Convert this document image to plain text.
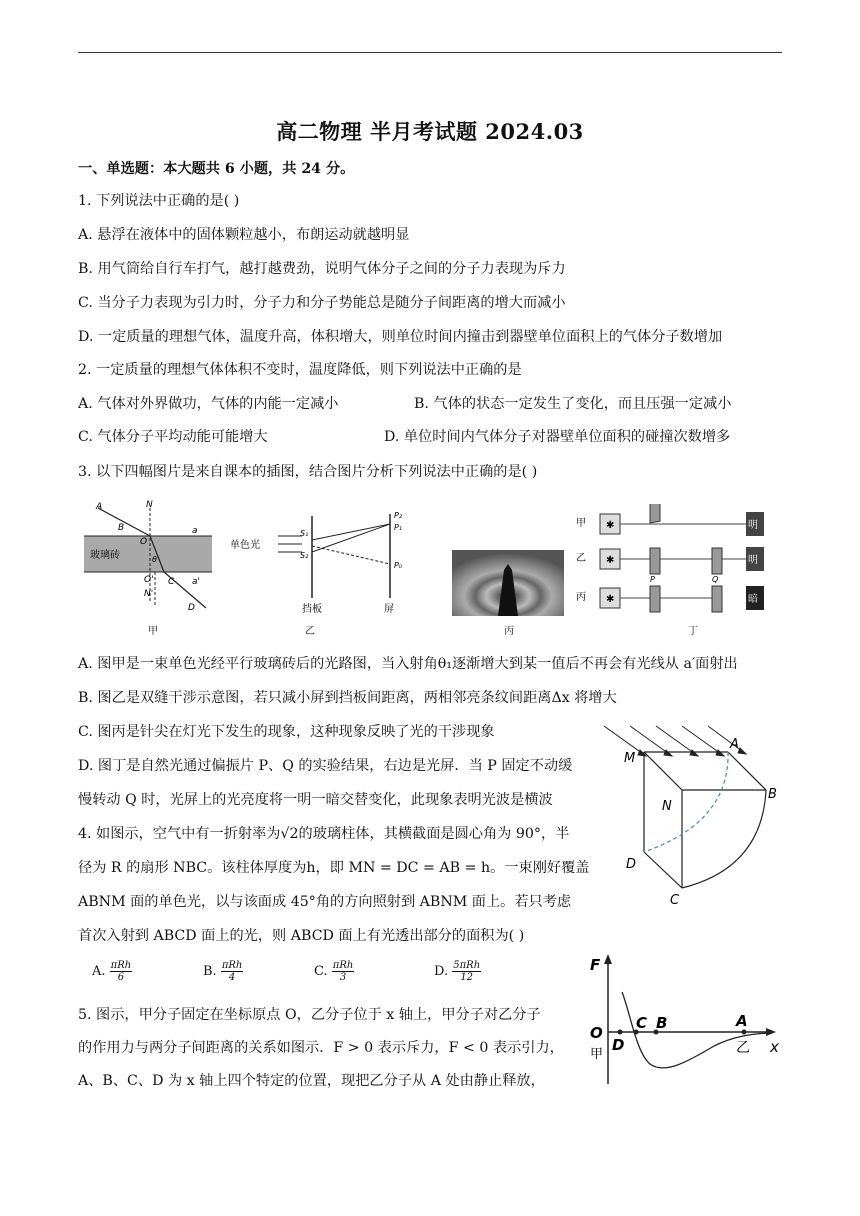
高二物理 半月考试题 2024.03
一、单选题：本大题共 6 小题，共 24 分。
1. 下列说法中正确的是( )
A. 悬浮在液体中的固体颗粒越小，布朗运动就越明显
B. 用气筒给自行车打气，越打越费劲，说明气体分子之间的分子力表现为斥力
C. 当分子力表现为引力时，分子力和分子势能总是随分子间距离的增大而减小
D. 一定质量的理想气体，温度升高，体积增大，则单位时间内撞击到器壁单位面积上的气体分子数增加
2. 一定质量的理想气体体积不变时，温度降低，则下列说法中正确的是
A. 气体对外界做功，气体的内能一定减小	B. 气体的状态一定发生了变化，而且压强一定减小
C. 气体分子平均动能可能增大	D. 单位时间内气体分子对器壁单位面积的碰撞次数增多
3. 以下四幅图片是来自课本的插图，结合图片分析下列说法中正确的是( )
A
B
N
O
a
θ
玻璃砖
O' C a'
N'
D
甲
单色光
S₁
S₂
P₂
P₁
P₀
挡板	屏
乙	丙
甲 ✱	明
乙 ✱	明
P	Q
丙 ✱	暗
丁
A. 图甲是一束单色光经平行玻璃砖后的光路图，当入射角θ₁逐渐增大到某一值后不再会有光线从 a′面射出
B. 图乙是双缝干涉示意图，若只减小屏到挡板间距离，两相邻亮条纹间距离Δx 将增大
C. 图丙是针尖在灯光下发生的现象，这种现象反映了光的干涉现象
D. 图丁是自然光通过偏振片 P、Q 的实验结果，右边是光屏．当 P 固定不动缓
慢转动 Q 时，光屏上的光亮度将一明一暗交替变化，此现象表明光波是横波
A
M
N
B
D
C
4. 如图示，空气中有一折射率为√2的玻璃柱体，其横截面是圆心角为 90°，半
径为 R 的扇形 NBC。该柱体厚度为h，即 MN = DC = AB = h。一束刚好覆盖
ABNM 面的单色光，以与该面成 45°角的方向照射到 ABNM 面上。若只考虑
首次入射到 ABCD 面上的光，则 ABCD 面上有光透出部分的面积为( )
A. $\frac{\text{πRh}}{6}$	B. $\frac{\text{πRh}}{4}$	C. $\frac{\text{πRh}}{3}$	D. $\frac{\text{5πRh}}{12}$	F
O
甲
C B	A
D	乙 x
5. 图示，甲分子固定在坐标原点 O，乙分子位于 x 轴上，甲分子对乙分子
的作用力与两分子间距离的关系如图示．F > 0 表示斥力，F < 0 表示引力，
A、B、C、D 为 x 轴上四个特定的位置，现把乙分子从 A 处由静止释放，
